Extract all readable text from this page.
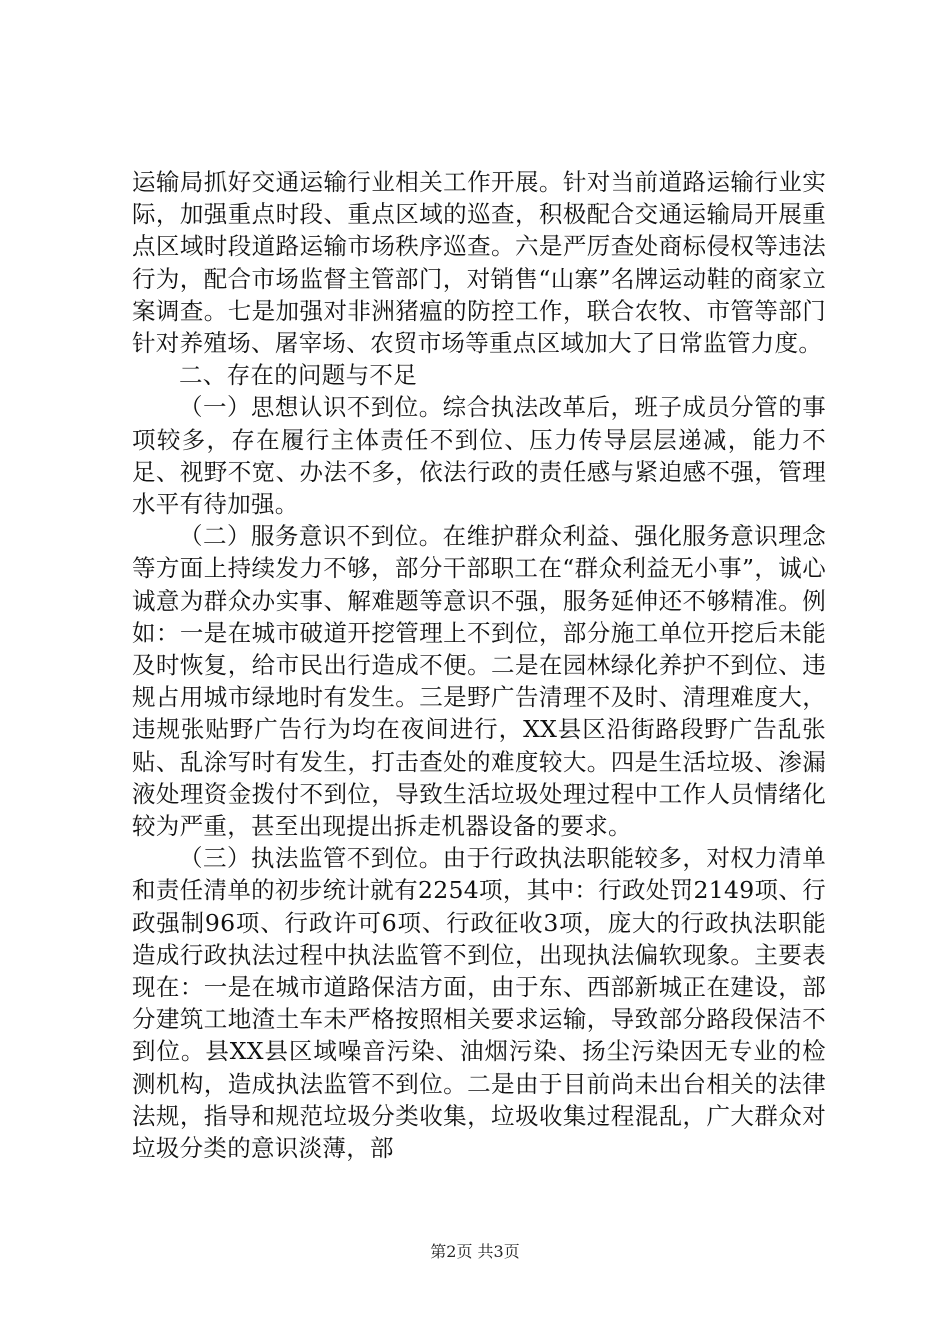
运输局抓好交通运输行业相关工作开展。针对当前道路运输行业实际，加强重点时段、重点区域的巡查，积极配合交通运输局开展重点区域时段道路运输市场秩序巡查。六是严厉查处商标侵权等违法行为，配合市场监督主管部门，对销售“山寨”名牌运动鞋的商家立案调查。七是加强对非洲猪瘟的防控工作，联合农牧、市管等部门针对养殖场、屠宰场、农贸市场等重点区域加大了日常监管力度。

二、存在的问题与不足

（一）思想认识不到位。综合执法改革后，班子成员分管的事项较多，存在履行主体责任不到位、压力传导层层递减，能力不足、视野不宽、办法不多，依法行政的责任感与紧迫感不强，管理水平有待加强。

（二）服务意识不到位。在维护群众利益、强化服务意识理念等方面上持续发力不够，部分干部职工在“群众利益无小事”，诚心诚意为群众办实事、解难题等意识不强，服务延伸还不够精准。例如：一是在城市破道开挖管理上不到位，部分施工单位开挖后未能及时恢复，给市民出行造成不便。二是在园林绿化养护不到位、违规占用城市绿地时有发生。三是野广告清理不及时、清理难度大，违规张贴野广告行为均在夜间进行，XX县区沿街路段野广告乱张贴、乱涂写时有发生，打击查处的难度较大。四是生活垃圾、渗漏液处理资金拨付不到位，导致生活垃圾处理过程中工作人员情绪化较为严重，甚至出现提出拆走机器设备的要求。

（三）执法监管不到位。由于行政执法职能较多，对权力清单和责任清单的初步统计就有2254项，其中：行政处罚2149项、行政强制96项、行政许可6项、行政征收3项，庞大的行政执法职能造成行政执法过程中执法监管不到位，出现执法偏软现象。主要表现在：一是在城市道路保洁方面，由于东、西部新城正在建设，部分建筑工地渣土车未严格按照相关要求运输，导致部分路段保洁不到位。县XX县区域噪音污染、油烟污染、扬尘污染因无专业的检测机构，造成执法监管不到位。二是由于目前尚未出台相关的法律法规，指导和规范垃圾分类收集，垃圾收集过程混乱，广大群众对垃圾分类的意识淡薄，部

第2页 共3页
